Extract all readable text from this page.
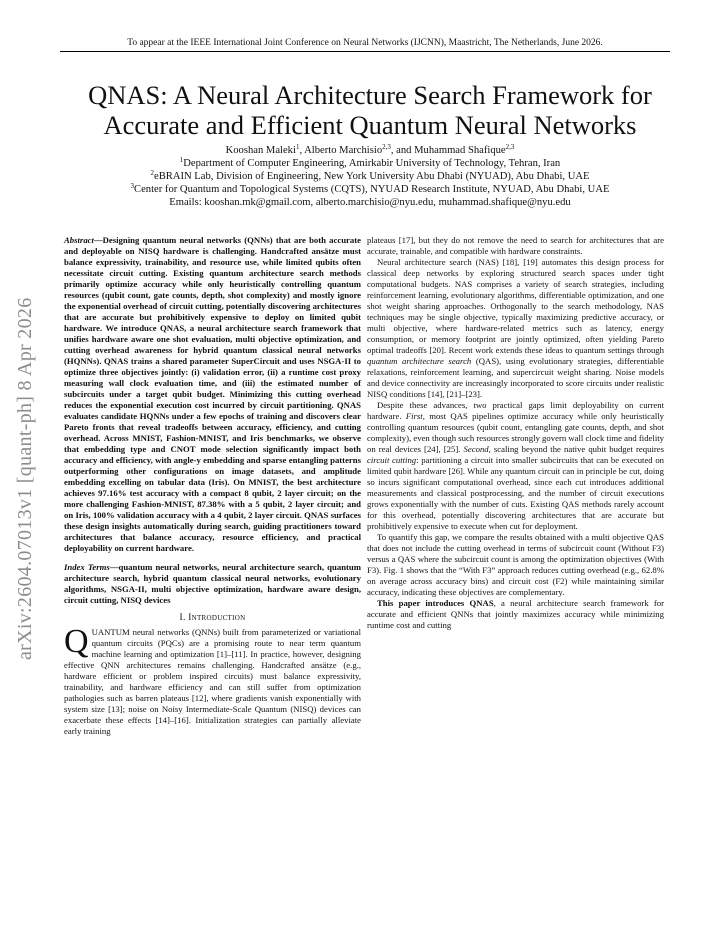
To appear at the IEEE International Joint Conference on Neural Networks (IJCNN), Maastricht, The Netherlands, June 2026.
QNAS: A Neural Architecture Search Framework for
Accurate and Efficient Quantum Neural Networks
Kooshan Maleki$^1$, Alberto Marchisio$^{2,3}$, and Muhammad Shafique$^{2,3}$
$^1$Department of Computer Engineering, Amirkabir University of Technology, Tehran, Iran
$^2$eBRAIN Lab, Division of Engineering, New York University Abu Dhabi (NYUAD), Abu Dhabi, UAE
$^3$Center for Quantum and Topological Systems (CQTS), NYUAD Research Institute, NYUAD, Abu Dhabi, UAE
Emails: kooshan.mk@gmail.com, alberto.marchisio@nyu.edu, muhammad.shafique@nyu.edu
arXiv:2604.07013v1 [quant-ph] 8 Apr 2026

Abstract—Designing quantum neural networks (QNNs) that are both accurate and deployable on NISQ hardware is challenging. Handcrafted ansätze must balance expressivity, trainability, and resource use, while limited qubits often necessitate circuit cutting. Existing quantum architecture search methods primarily optimize accuracy while only heuristically controlling quantum resources (qubit count, gate counts, depth, shot complexity) and mostly ignore the exponential overhead of circuit cutting, potentially discovering architectures that are accurate but prohibitively expensive to deploy on limited qubit hardware. We introduce QNAS, a neural architecture search framework that unifies hardware aware one shot evaluation, multi objective optimization, and cutting overhead awareness for hybrid quantum classical neural networks (HQNNs). QNAS trains a shared parameter SuperCircuit and uses NSGA-II to optimize three objectives jointly: (i) validation error, (ii) a runtime cost proxy measuring wall clock evaluation time, and (iii) the estimated number of subcircuits under a target qubit budget. Minimizing this cutting overhead reduces the exponential execution cost incurred by circuit partitioning. QNAS evaluates candidate HQNNs under a few epochs of training and discovers clear Pareto fronts that reveal tradeoffs between accuracy, efficiency, and cutting overhead. Across MNIST, Fashion-MNIST, and Iris benchmarks, we observe that embedding type and CNOT mode selection significantly impact both accuracy and efficiency, with angle-y embedding and sparse entangling patterns outperforming other configurations on image datasets, and amplitude embedding excelling on tabular data (Iris). On MNIST, the best architecture achieves 97.16% test accuracy with a compact 8 qubit, 2 layer circuit; on the more challenging Fashion-MNIST, 87.38% with a 5 qubit, 2 layer circuit; and on Iris, 100% validation accuracy with a 4 qubit, 2 layer circuit. QNAS surfaces these design insights automatically during search, guiding practitioners toward architectures that balance accuracy, resource efficiency, and practical deployability on current hardware.

Index Terms—quantum neural networks, neural architecture search, quantum architecture search, hybrid quantum classical neural networks, evolutionary algorithms, NSGA-II, multi objective optimization, hardware aware design, circuit cutting, NISQ devices

I. Introduction

QUANTUM neural networks (QNNs) built from parameterized or variational quantum circuits (PQCs) are a promising route to near term quantum machine learning and optimization [1]–[11]. In practice, however, designing effective QNN architectures remains challenging. Handcrafted ansätze (e.g., hardware efficient or problem inspired circuits) must balance expressivity, trainability, and hardware efficiency and can still suffer from optimization pathologies such as barren plateaus [12], where gradients vanish exponentially with system size [13]; noise on Noisy Intermediate-Scale Quantum (NISQ) devices can exacerbate these effects [14]–[16]. Initialization strategies can partially alleviate early training

plateaus [17], but they do not remove the need to search for architectures that are accurate, trainable, and compatible with hardware constraints.

Neural architecture search (NAS) [18], [19] automates this design process for classical deep networks by exploring structured search spaces under tight computational budgets. NAS comprises a variety of search strategies, including reinforcement learning, evolutionary algorithms, differentiable optimization, and one shot weight sharing approaches. Orthogonally to the search methodology, NAS techniques may be single objective, typically maximizing predictive accuracy, or multi objective, where hardware-related metrics such as latency, energy consumption, or memory footprint are jointly optimized, often yielding Pareto optimal tradeoffs [20]. Recent work extends these ideas to quantum settings through quantum architecture search (QAS), using evolutionary strategies, differentiable relaxations, reinforcement learning, and supercircuit weight sharing. Noise models and device connectivity are increasingly incorporated to score circuits under realistic NISQ conditions [14], [21]–[23].

Despite these advances, two practical gaps limit deployability on current hardware. First, most QAS pipelines optimize accuracy while only heuristically controlling quantum resources (qubit count, entangling gate counts, depth, and shot complexity), even though such resources strongly govern wall clock time and fidelity on real devices [24], [25]. Second, scaling beyond the native qubit budget requires circuit cutting: partitioning a circuit into smaller subcircuits that can be executed on limited qubit hardware [26]. While any quantum circuit can in principle be cut, doing so incurs significant computational overhead, since each cut introduces additional measurements and classical postprocessing, and the number of circuit executions grows exponentially with the number of cuts. Existing QAS methods rarely account for this overhead, potentially discovering architectures that are accurate but prohibitively expensive to execute when cut for deployment.

To quantify this gap, we compare the results obtained with a multi objective QAS that does not include the cutting overhead in terms of subcircuit count (Without F3) versus a QAS where the subcircuit count is among the optimization objectives (With F3). Fig. 1 shows that the “With F3” approach reduces cutting overhead (e.g., 62.8% on average across accuracy bins) and circuit cost (F2) while maintaining similar accuracy, indicating these objectives are complementary.

This paper introduces QNAS, a neural architecture search framework for accurate and efficient QNNs that jointly maximizes accuracy while minimizing runtime cost and cutting
